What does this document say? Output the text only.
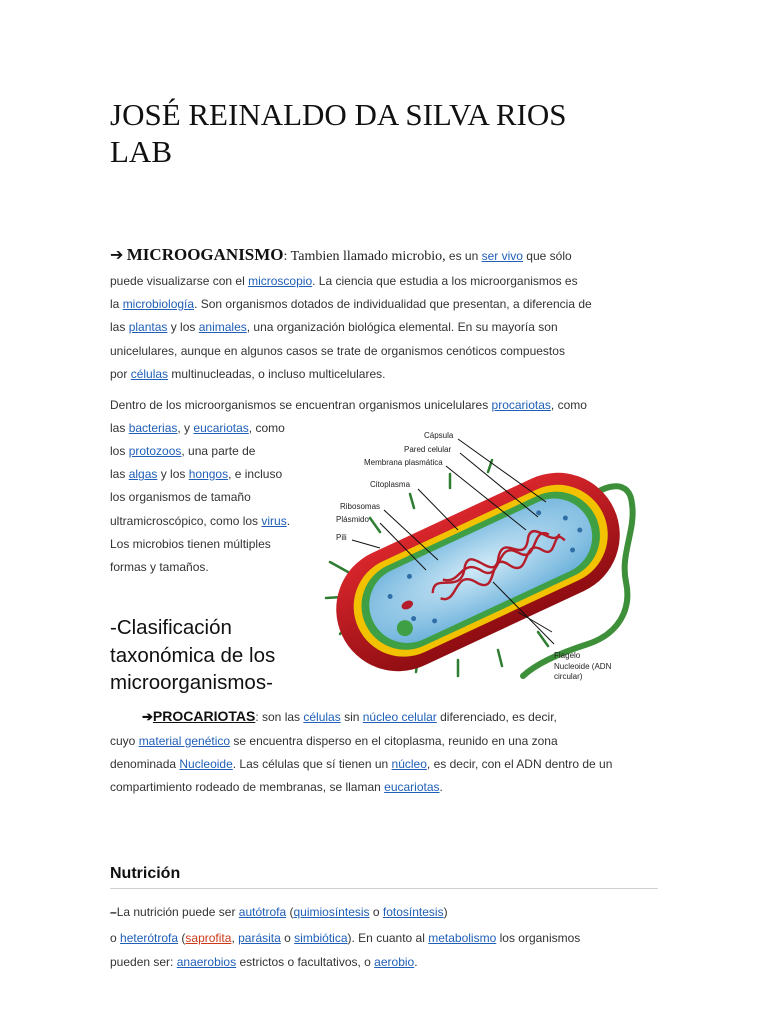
JOSÉ REINALDO DA SILVA RIOS
LAB
➔ MICROOGANISMO: Tambien llamado microbio, es un ser vivo que sólo
puede visualizarse con el microscopio. La ciencia que estudia a los microorganismos es
la microbiología. Son organismos dotados de individualidad que presentan, a diferencia de
las plantas y los animales, una organización biológica elemental. En su mayoría son
unicelulares, aunque en algunos casos se trate de organismos cenóticos compuestos
por células multinucleadas, o incluso multicelulares.
Dentro de los microorganismos se encuentran organismos unicelulares procariotas, como
las bacterias, y eucariotas, como
los protozoos, una parte de
las algas y los hongos, e incluso
los organismos de tamaño
ultramicroscópico, como los virus.
Los microbios tienen múltiples
formas y tamaños.
Cápsula
Pared celular
Membrana plasmática
Citoplasma
Ribosomas
Plásmido
Pili
Flagelo
Nucleoide (ADN
circular)
-Clasificación
taxonómica de los
microorganismos-
➔PROCARIOTAS: son las células sin núcleo celular diferenciado, es decir,
cuyo material genético se encuentra disperso en el citoplasma, reunido en una zona
denominada Nucleoide. Las células que sí tienen un núcleo, es decir, con el ADN dentro de un
compartimiento rodeado de membranas, se llaman eucariotas.
Nutrición
–La nutrición puede ser autótrofa (quimiosíntesis o fotosíntesis)
o heterótrofa (saprofita, parásita o simbiótica). En cuanto al metabolismo los organismos
pueden ser: anaerobios estrictos o facultativos, o aerobio.
